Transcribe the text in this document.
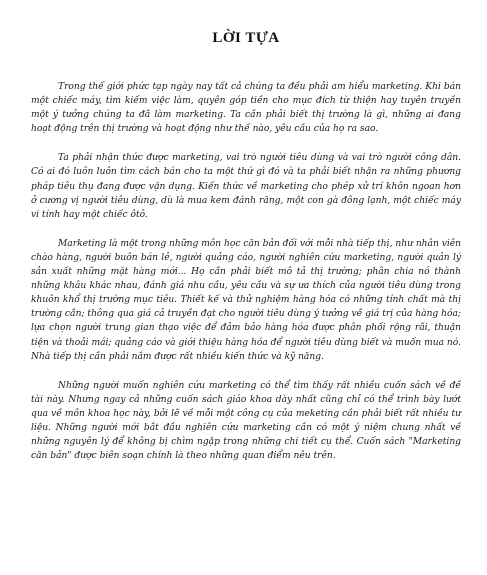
LỜI TỰA

Trong thế giới phức tạp ngày nay tất cả chúng ta đều phải am hiểu marketing. Khi bán một chiếc máy, tìm kiếm việc làm, quyên góp tiền cho mục đích từ thiện hay tuyên truyền một ý tưởng chúng ta đã làm marketing. Ta cần phải biết thị trường là gì, những ai đang hoạt động trên thị trường và hoạt động như thế nào, yêu cầu của họ ra sao.

Ta phải nhận thức được marketing, vai trò người tiêu dùng và vai trò người công dân. Có ai đó luôn luôn tìm cách bán cho ta một thứ gì đó và ta phải biết nhận ra những phương pháp tiêu thụ đang được vận dụng. Kiến thức về marketing cho phép xử trí khôn ngoan hơn ở cương vị người tiêu dùng, dù là mua kem đánh răng, một con gà đông lạnh, một chiếc máy vi tính hay một chiếc ôtô.

Marketing là một trong những môn học căn bản đối với mỗi nhà tiếp thị, như nhân viên chào hàng, người buôn bán lẻ, người quảng cáo, người nghiên cứu marketing, người quản lý sản xuất những mặt hàng mới... Họ cần phải biết mô tả thị trường; phân chia nó thành những khâu khác nhau, đánh giá nhu cầu, yêu cầu và sự ưa thích của người tiêu dùng trong khuôn khổ thị trường mục tiêu. Thiết kế và thử nghiệm hàng hóa có những tính chất mà thị trường cần; thông qua giá cả truyền đạt cho người tiêu dùng ý tưởng về giá trị của hàng hóa; lựa chọn người trung gian thạo việc để đảm bảo hàng hóa được phân phối rộng rãi, thuận tiện và thoải mái; quảng cáo và giới thiệu hàng hóa để người tiêu dùng biết và muốn mua nó. Nhà tiếp thị cần phải nắm được rất nhiều kiến thức và kỹ năng.

Những người muốn nghiên cứu marketing có thể tìm thấy rất nhiều cuốn sách về đề tài này. Nhưng ngay cả những cuốn sách giáo khoa dày nhất cũng chỉ có thể trình bày lướt qua về môn khoa học này, bởi lẽ về mỗi một công cụ của meketing cần phải biết rất nhiều tư liệu. Những người mới bắt đầu nghiên cứu marketing cần có một ý niệm chung nhất về những nguyên lý để không bị chìm ngập trong những chi tiết cụ thể. Cuốn sách "Marketing căn bản" được biên soạn chính là theo những quan điểm nêu trên.
